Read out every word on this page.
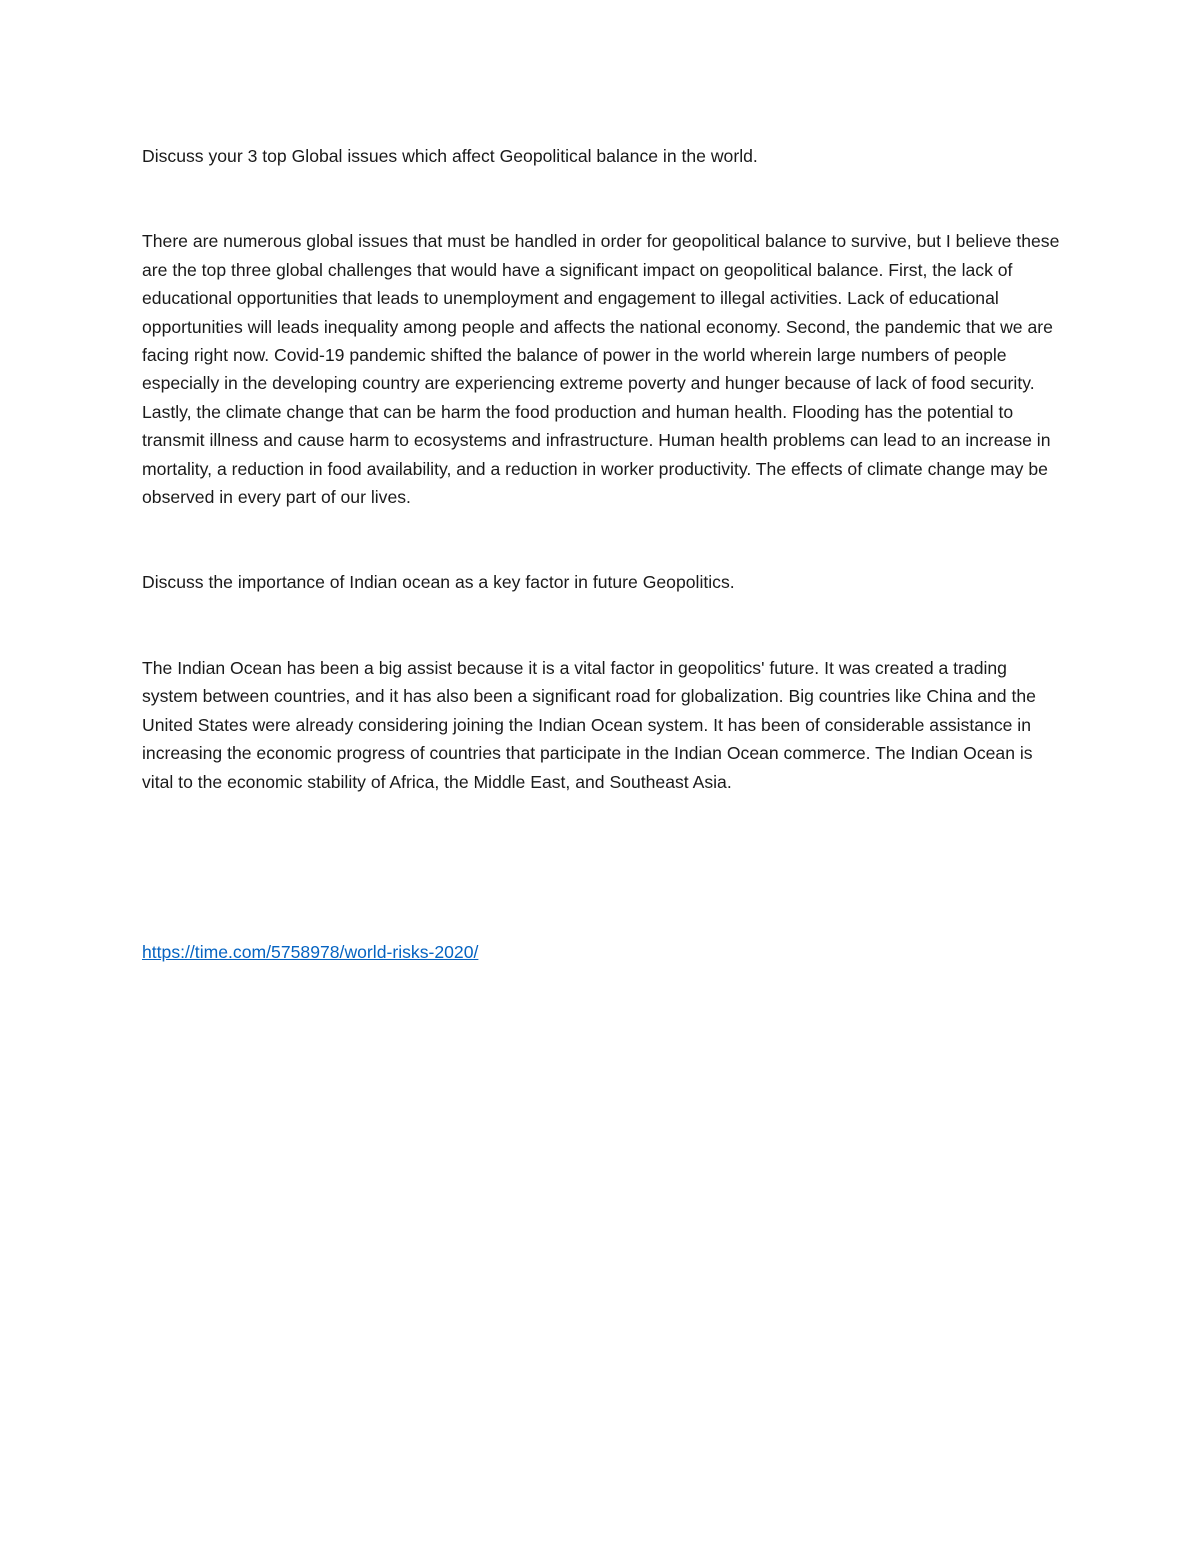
Discuss your 3 top Global issues which affect Geopolitical balance in the world.

There are numerous global issues that must be handled in order for geopolitical balance to survive, but I believe these are the top three global challenges that would have a significant impact on geopolitical balance. First, the lack of educational opportunities that leads to unemployment and engagement to illegal activities. Lack of educational opportunities will leads inequality among people and affects the national economy. Second, the pandemic that we are facing right now. Covid-19 pandemic shifted the balance of power in the world wherein large numbers of people especially in the developing country are experiencing extreme poverty and hunger because of lack of food security. Lastly, the climate change that can be harm the food production and human health. Flooding has the potential to transmit illness and cause harm to ecosystems and infrastructure. Human health problems can lead to an increase in mortality, a reduction in food availability, and a reduction in worker productivity. The effects of climate change may be observed in every part of our lives.

Discuss the importance of Indian ocean as a key factor in future Geopolitics.

The Indian Ocean has been a big assist because it is a vital factor in geopolitics' future. It was created a trading system between countries, and it has also been a significant road for globalization. Big countries like China and the United States were already considering joining the Indian Ocean system. It has been of considerable assistance in increasing the economic progress of countries that participate in the Indian Ocean commerce. The Indian Ocean is vital to the economic stability of Africa, the Middle East, and Southeast Asia.

https://time.com/5758978/world-risks-2020/
